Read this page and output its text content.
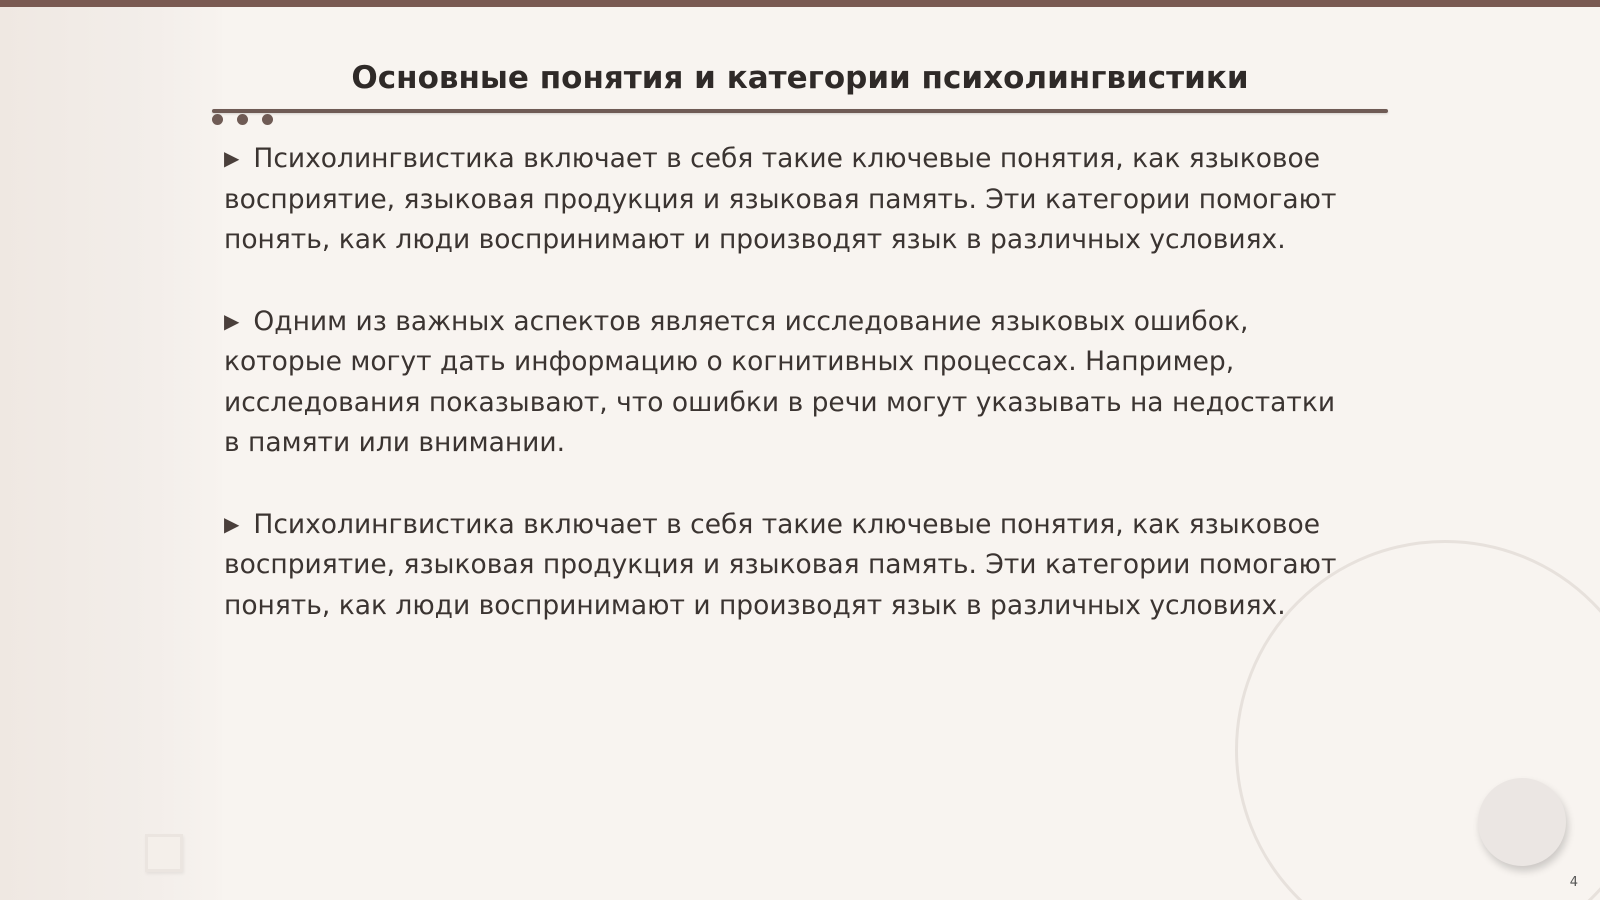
Основные понятия и категории психолингвистики

▶ Психолингвистика включает в себя такие ключевые понятия, как языковое восприятие, языковая продукция и языковая память. Эти категории помогают понять, как люди воспринимают и производят язык в различных условиях.

▶ Одним из важных аспектов является исследование языковых ошибок, которые могут дать информацию о когнитивных процессах. Например, исследования показывают, что ошибки в речи могут указывать на недостатки в памяти или внимании.

▶ Психолингвистика включает в себя такие ключевые понятия, как языковое восприятие, языковая продукция и языковая память. Эти категории помогают понять, как люди воспринимают и производят язык в различных условиях.

4
